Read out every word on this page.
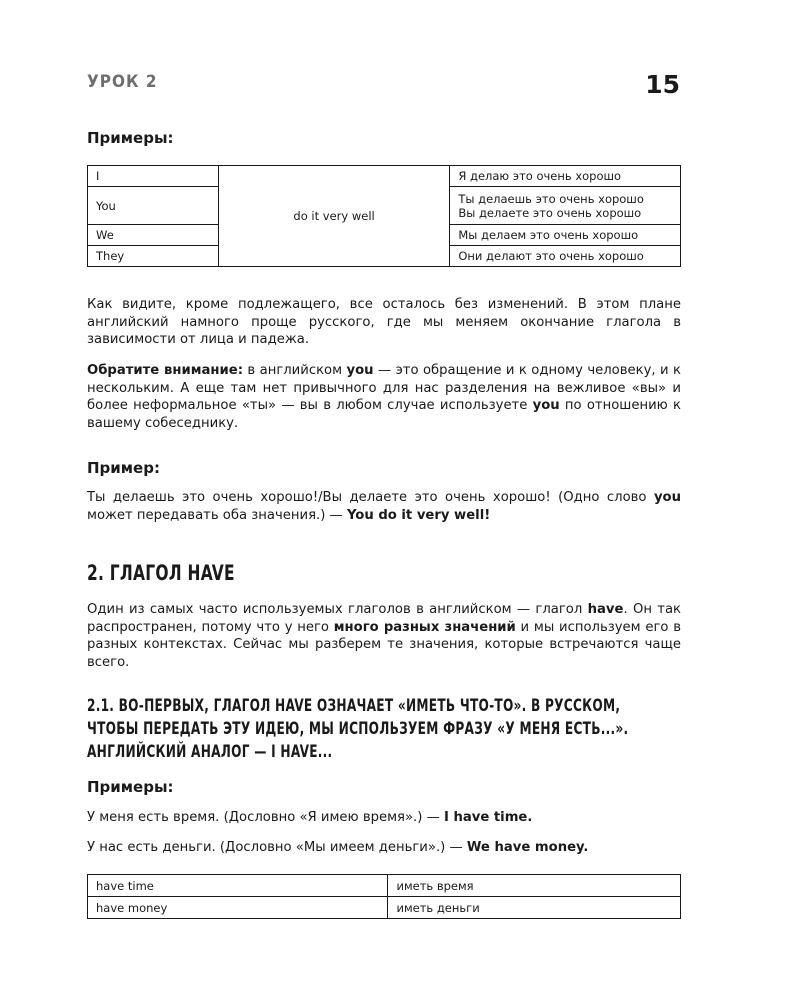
УРОК 2	15
Примеры:
I	do it very well	Я делаю это очень хорошо
You		Ты делаешь это очень хорошо
Вы делаете это очень хорошо

We		Мы делаем это очень хорошо
They		Они делают это очень хорошо

Как видите, кроме подлежащего, все осталось без изменений. В этом плане английский намного проще русского, где мы меняем окончание глагола в зависимости от лица и падежа.

Обратите внимание: в английском you — это обращение и к одному человеку, и к нескольким. А еще там нет привычного для нас разделения на вежливое «вы» и более неформальное «ты» — вы в любом случае используете you по отношению к вашему собеседнику.

Пример:

Ты делаешь это очень хорошо!/Вы делаете это очень хорошо! (Одно слово you может передавать оба значения.) — You do it very well!

2. ГЛАГОЛ HAVE

Один из самых часто используемых глаголов в английском — глагол have. Он так распространен, потому что у него много разных значений и мы используем его в разных контекстах. Сейчас мы разберем те значения, которые встречаются чаще всего.

2.1. ВО-ПЕРВЫХ, ГЛАГОЛ HAVE ОЗНАЧАЕТ «ИМЕТЬ ЧТО-ТО». В РУССКОМ,
ЧТОБЫ ПЕРЕДАТЬ ЭТУ ИДЕЮ, МЫ ИСПОЛЬЗУЕМ ФРАЗУ «У МЕНЯ ЕСТЬ...».
АНГЛИЙСКИЙ АНАЛОГ — I HAVE...
Примеры:
У меня есть время. (Дословно «Я имею время».) — I have time.
У нас есть деньги. (Дословно «Мы имеем деньги».) — We have money.
have time	иметь время
have money	иметь деньги
